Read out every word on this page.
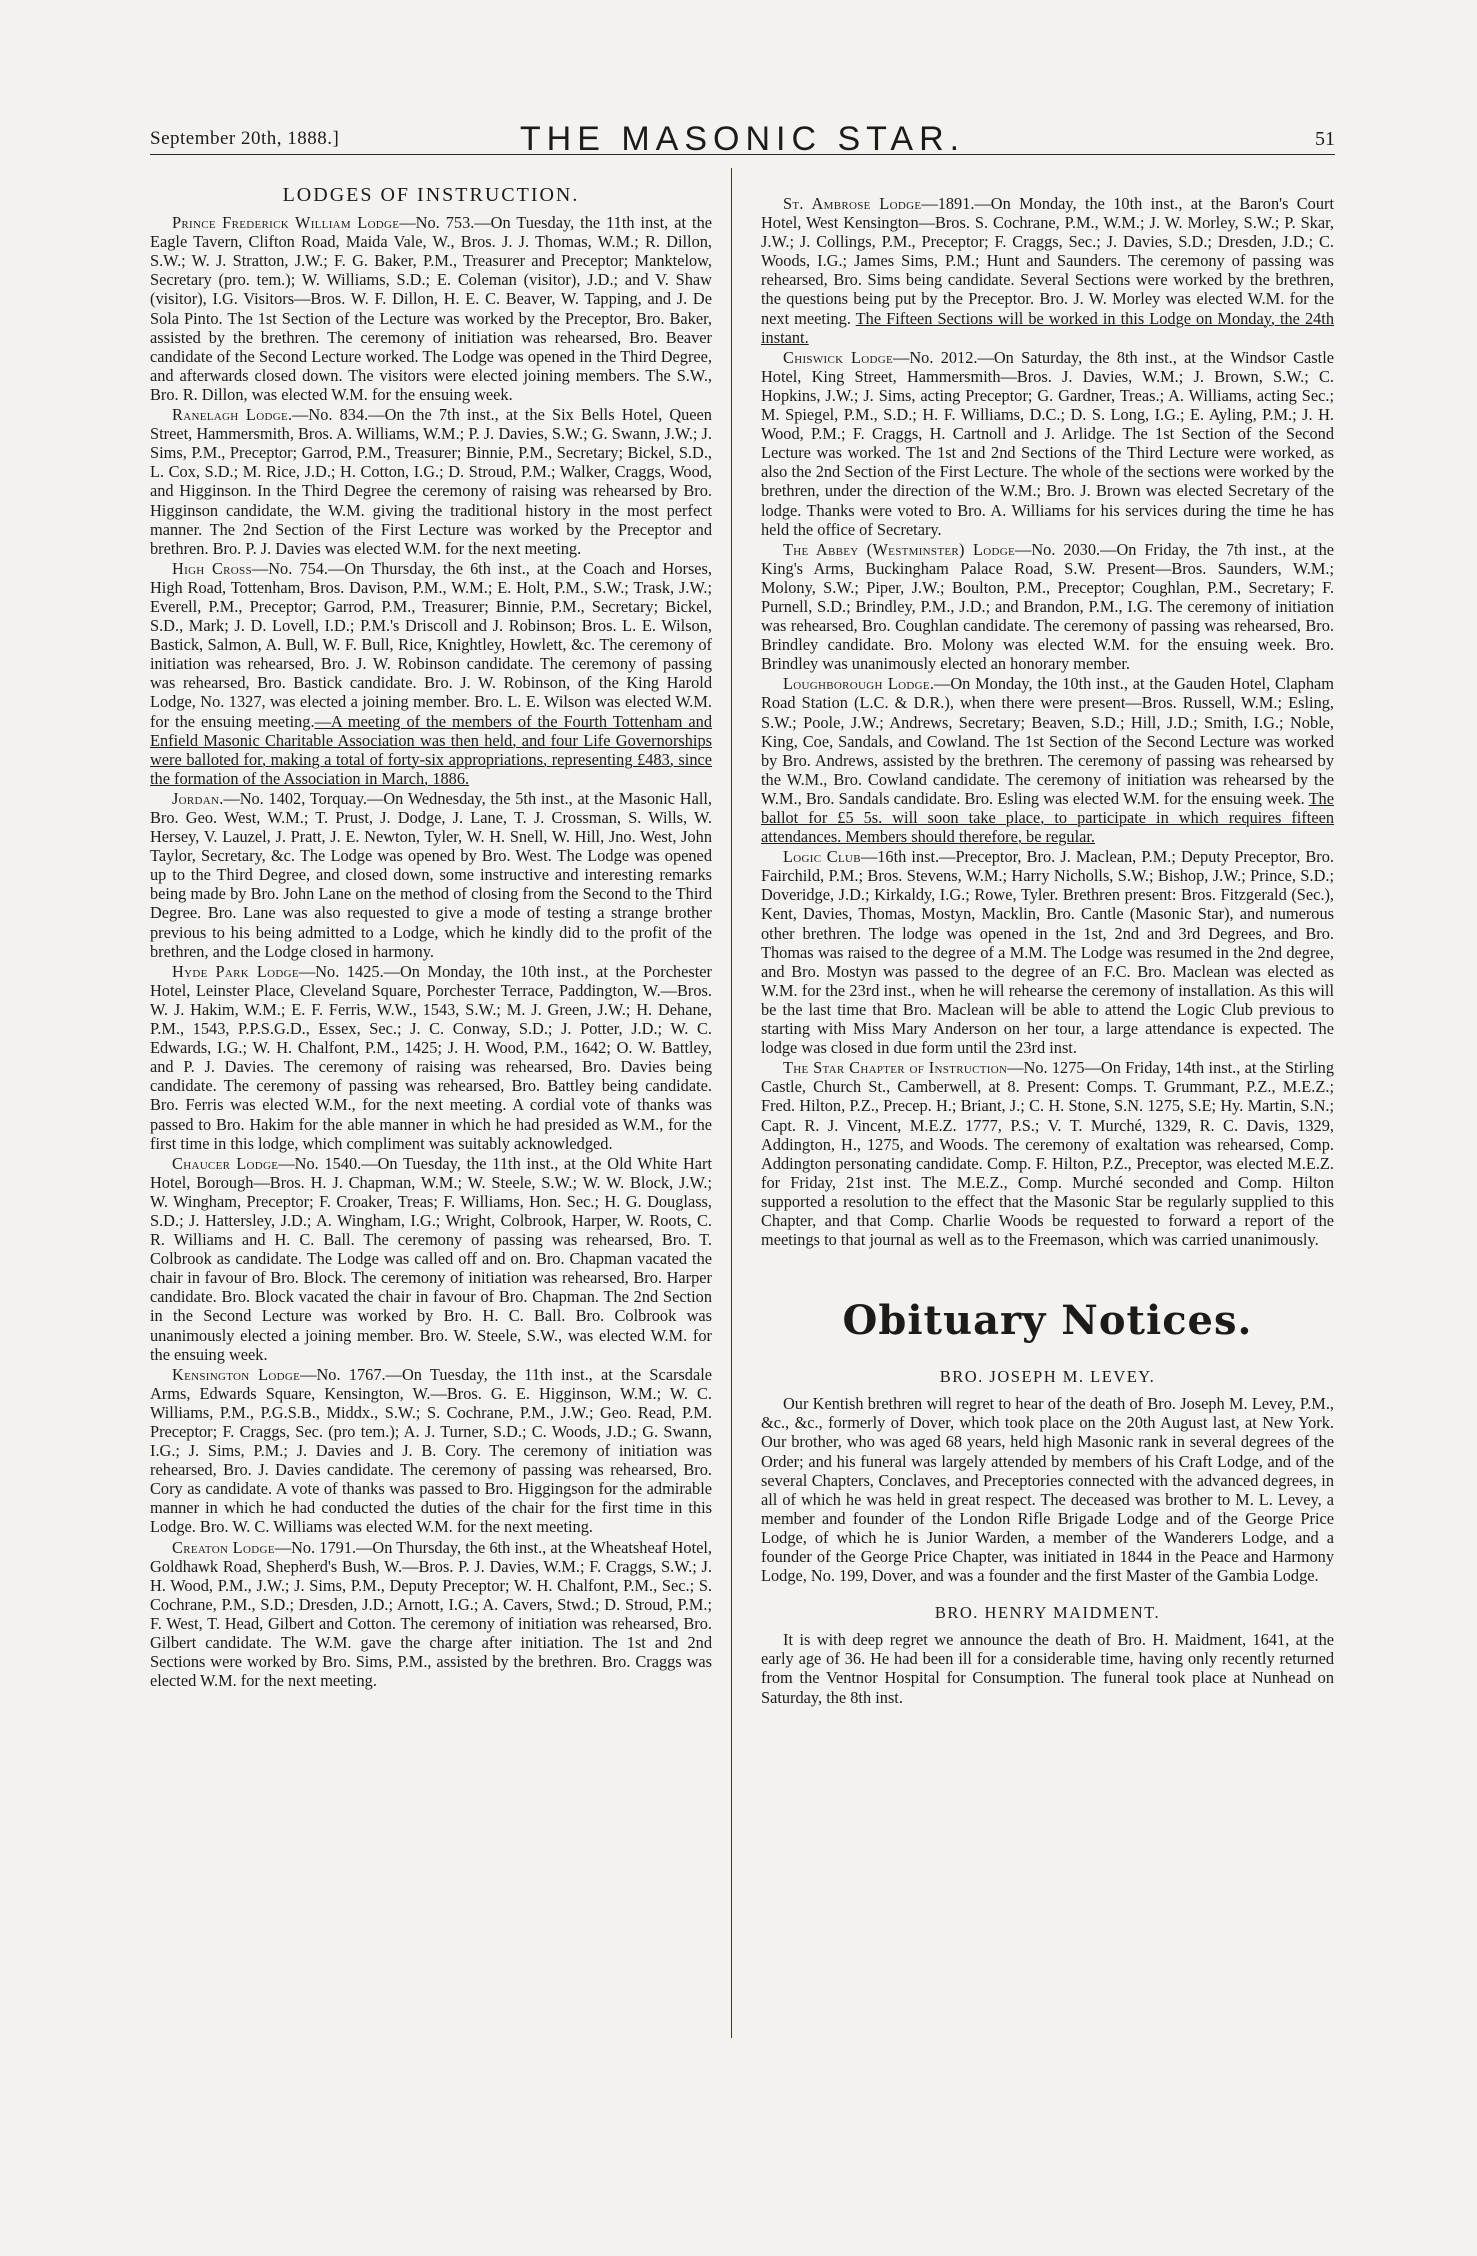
September 20th, 1888.]	THE MASONIC STAR.	51
LODGES OF INSTRUCTION.

Prince Frederick William Lodge—No. 753.—On Tuesday, the 11th inst, at the Eagle Tavern, Clifton Road, Maida Vale, W., Bros. J. J. Thomas, W.M.; R. Dillon, S.W.; W. J. Stratton, J.W.; F. G. Baker, P.M., Treasurer and Preceptor; Manktelow, Secretary (pro. tem.); W. Williams, S.D.; E. Coleman (visitor), J.D.; and V. Shaw (visitor), I.G. Visitors—Bros. W. F. Dillon, H. E. C. Beaver, W. Tapping, and J. De Sola Pinto. The 1st Section of the Lecture was worked by the Preceptor, Bro. Baker, assisted by the brethren. The ceremony of initiation was rehearsed, Bro. Beaver candidate of the Second Lecture worked. The Lodge was opened in the Third Degree, and afterwards closed down. The visitors were elected joining members. The S.W., Bro. R. Dillon, was elected W.M. for the ensuing week.

Ranelagh Lodge.—No. 834.—On the 7th inst., at the Six Bells Hotel, Queen Street, Hammersmith, Bros. A. Williams, W.M.; P. J. Davies, S.W.; G. Swann, J.W.; J. Sims, P.M., Preceptor; Garrod, P.M., Treasurer; Binnie, P.M., Secretary; Bickel, S.D., L. Cox, S.D.; M. Rice, J.D.; H. Cotton, I.G.; D. Stroud, P.M.; Walker, Craggs, Wood, and Higginson. In the Third Degree the ceremony of raising was rehearsed by Bro. Higginson candidate, the W.M. giving the traditional history in the most perfect manner. The 2nd Section of the First Lecture was worked by the Preceptor and brethren. Bro. P. J. Davies was elected W.M. for the next meeting.

High Cross—No. 754.—On Thursday, the 6th inst., at the Coach and Horses, High Road, Tottenham, Bros. Davison, P.M., W.M.; E. Holt, P.M., S.W.; Trask, J.W.; Everell, P.M., Preceptor; Garrod, P.M., Treasurer; Binnie, P.M., Secretary; Bickel, S.D., Mark; J. D. Lovell, I.D.; P.M.'s Driscoll and J. Robinson; Bros. L. E. Wilson, Bastick, Salmon, A. Bull, W. F. Bull, Rice, Knightley, Howlett, &c. The ceremony of initiation was rehearsed, Bro. J. W. Robinson candidate. The ceremony of passing was rehearsed, Bro. Bastick candidate. Bro. J. W. Robinson, of the King Harold Lodge, No. 1327, was elected a joining member. Bro. L. E. Wilson was elected W.M. for the ensuing meeting.—A meeting of the members of the Fourth Tottenham and Enfield Masonic Charitable Association was then held, and four Life Governorships were balloted for, making a total of forty-six appropriations, representing £483, since the formation of the Association in March, 1886.

Jordan.—No. 1402, Torquay.—On Wednesday, the 5th inst., at the Masonic Hall, Bro. Geo. West, W.M.; T. Prust, J. Dodge, J. Lane, T. J. Crossman, S. Wills, W. Hersey, V. Lauzel, J. Pratt, J. E. Newton, Tyler, W. H. Snell, W. Hill, Jno. West, John Taylor, Secretary, &c. The Lodge was opened by Bro. West. The Lodge was opened up to the Third Degree, and closed down, some instructive and interesting remarks being made by Bro. John Lane on the method of closing from the Second to the Third Degree. Bro. Lane was also requested to give a mode of testing a strange brother previous to his being admitted to a Lodge, which he kindly did to the profit of the brethren, and the Lodge closed in harmony.

Hyde Park Lodge—No. 1425.—On Monday, the 10th inst., at the Porchester Hotel, Leinster Place, Cleveland Square, Porchester Terrace, Paddington, W.—Bros. W. J. Hakim, W.M.; E. F. Ferris, W.W., 1543, S.W.; M. J. Green, J.W.; H. Dehane, P.M., 1543, P.P.S.G.D., Essex, Sec.; J. C. Conway, S.D.; J. Potter, J.D.; W. C. Edwards, I.G.; W. H. Chalfont, P.M., 1425; J. H. Wood, P.M., 1642; O. W. Battley, and P. J. Davies. The ceremony of raising was rehearsed, Bro. Davies being candidate. The ceremony of passing was rehearsed, Bro. Battley being candidate. Bro. Ferris was elected W.M., for the next meeting. A cordial vote of thanks was passed to Bro. Hakim for the able manner in which he had presided as W.M., for the first time in this lodge, which compliment was suitably acknowledged.

Chaucer Lodge—No. 1540.—On Tuesday, the 11th inst., at the Old White Hart Hotel, Borough—Bros. H. J. Chapman, W.M.; W. Steele, S.W.; W. W. Block, J.W.; W. Wingham, Preceptor; F. Croaker, Treas; F. Williams, Hon. Sec.; H. G. Douglass, S.D.; J. Hattersley, J.D.; A. Wingham, I.G.; Wright, Colbrook, Harper, W. Roots, C. R. Williams and H. C. Ball. The ceremony of passing was rehearsed, Bro. T. Colbrook as candidate. The Lodge was called off and on. Bro. Chapman vacated the chair in favour of Bro. Block. The ceremony of initiation was rehearsed, Bro. Harper candidate. Bro. Block vacated the chair in favour of Bro. Chapman. The 2nd Section in the Second Lecture was worked by Bro. H. C. Ball. Bro. Colbrook was unanimously elected a joining member. Bro. W. Steele, S.W., was elected W.M. for the ensuing week.

Kensington Lodge—No. 1767.—On Tuesday, the 11th inst., at the Scarsdale Arms, Edwards Square, Kensington, W.—Bros. G. E. Higginson, W.M.; W. C. Williams, P.M., P.G.S.B., Middx., S.W.; S. Cochrane, P.M., J.W.; Geo. Read, P.M. Preceptor; F. Craggs, Sec. (pro tem.); A. J. Turner, S.D.; C. Woods, J.D.; G. Swann, I.G.; J. Sims, P.M.; J. Davies and J. B. Cory. The ceremony of initiation was rehearsed, Bro. J. Davies candidate. The ceremony of passing was rehearsed, Bro. Cory as candidate. A vote of thanks was passed to Bro. Higgingson for the admirable manner in which he had conducted the duties of the chair for the first time in this Lodge. Bro. W. C. Williams was elected W.M. for the next meeting.

Creaton Lodge—No. 1791.—On Thursday, the 6th inst., at the Wheatsheaf Hotel, Goldhawk Road, Shepherd's Bush, W.—Bros. P. J. Davies, W.M.; F. Craggs, S.W.; J. H. Wood, P.M., J.W.; J. Sims, P.M., Deputy Preceptor; W. H. Chalfont, P.M., Sec.; S. Cochrane, P.M., S.D.; Dresden, J.D.; Arnott, I.G.; A. Cavers, Stwd.; D. Stroud, P.M.; F. West, T. Head, Gilbert and Cotton. The ceremony of initiation was rehearsed, Bro. Gilbert candidate. The W.M. gave the charge after initiation. The 1st and 2nd Sections were worked by Bro. Sims, P.M., assisted by the brethren. Bro. Craggs was elected W.M. for the next meeting.

St. Ambrose Lodge—1891.—On Monday, the 10th inst., at the Baron's Court Hotel, West Kensington—Bros. S. Cochrane, P.M., W.M.; J. W. Morley, S.W.; P. Skar, J.W.; J. Collings, P.M., Preceptor; F. Craggs, Sec.; J. Davies, S.D.; Dresden, J.D.; C. Woods, I.G.; James Sims, P.M.; Hunt and Saunders. The ceremony of passing was rehearsed, Bro. Sims being candidate. Several Sections were worked by the brethren, the questions being put by the Preceptor. Bro. J. W. Morley was elected W.M. for the next meeting. The Fifteen Sections will be worked in this Lodge on Monday, the 24th instant.

Chiswick Lodge—No. 2012.—On Saturday, the 8th inst., at the Windsor Castle Hotel, King Street, Hammersmith—Bros. J. Davies, W.M.; J. Brown, S.W.; C. Hopkins, J.W.; J. Sims, acting Preceptor; G. Gardner, Treas.; A. Williams, acting Sec.; M. Spiegel, P.M., S.D.; H. F. Williams, D.C.; D. S. Long, I.G.; E. Ayling, P.M.; J. H. Wood, P.M.; F. Craggs, H. Cartnoll and J. Arlidge. The 1st Section of the Second Lecture was worked. The 1st and 2nd Sections of the Third Lecture were worked, as also the 2nd Section of the First Lecture. The whole of the sections were worked by the brethren, under the direction of the W.M.; Bro. J. Brown was elected Secretary of the lodge. Thanks were voted to Bro. A. Williams for his services during the time he has held the office of Secretary.

The Abbey (Westminster) Lodge—No. 2030.—On Friday, the 7th inst., at the King's Arms, Buckingham Palace Road, S.W. Present—Bros. Saunders, W.M.; Molony, S.W.; Piper, J.W.; Boulton, P.M., Preceptor; Coughlan, P.M., Secretary; F. Purnell, S.D.; Brindley, P.M., J.D.; and Brandon, P.M., I.G. The ceremony of initiation was rehearsed, Bro. Coughlan candidate. The ceremony of passing was rehearsed, Bro. Brindley candidate. Bro. Molony was elected W.M. for the ensuing week. Bro. Brindley was unanimously elected an honorary member.

Loughborough Lodge.—On Monday, the 10th inst., at the Gauden Hotel, Clapham Road Station (L.C. & D.R.), when there were present—Bros. Russell, W.M.; Esling, S.W.; Poole, J.W.; Andrews, Secretary; Beaven, S.D.; Hill, J.D.; Smith, I.G.; Noble, King, Coe, Sandals, and Cowland. The 1st Section of the Second Lecture was worked by Bro. Andrews, assisted by the brethren. The ceremony of passing was rehearsed by the W.M., Bro. Cowland candidate. The ceremony of initiation was rehearsed by the W.M., Bro. Sandals candidate. Bro. Esling was elected W.M. for the ensuing week. The ballot for £5 5s. will soon take place, to participate in which requires fifteen attendances. Members should therefore, be regular.

Logic Club—16th inst.—Preceptor, Bro. J. Maclean, P.M.; Deputy Preceptor, Bro. Fairchild, P.M.; Bros. Stevens, W.M.; Harry Nicholls, S.W.; Bishop, J.W.; Prince, S.D.; Doveridge, J.D.; Kirkaldy, I.G.; Rowe, Tyler. Brethren present: Bros. Fitzgerald (Sec.), Kent, Davies, Thomas, Mostyn, Macklin, Bro. Cantle (Masonic Star), and numerous other brethren. The lodge was opened in the 1st, 2nd and 3rd Degrees, and Bro. Thomas was raised to the degree of a M.M. The Lodge was resumed in the 2nd degree, and Bro. Mostyn was passed to the degree of an F.C. Bro. Maclean was elected as W.M. for the 23rd inst., when he will rehearse the ceremony of installation. As this will be the last time that Bro. Maclean will be able to attend the Logic Club previous to starting with Miss Mary Anderson on her tour, a large attendance is expected. The lodge was closed in due form until the 23rd inst.

The Star Chapter of Instruction—No. 1275—On Friday, 14th inst., at the Stirling Castle, Church St., Camberwell, at 8. Present: Comps. T. Grummant, P.Z., M.E.Z.; Fred. Hilton, P.Z., Precep. H.; Briant, J.; C. H. Stone, S.N. 1275, S.E; Hy. Martin, S.N.; Capt. R. J. Vincent, M.E.Z. 1777, P.S.; V. T. Murché, 1329, R. C. Davis, 1329, Addington, H., 1275, and Woods. The ceremony of exaltation was rehearsed, Comp. Addington personating candidate. Comp. F. Hilton, P.Z., Preceptor, was elected M.E.Z. for Friday, 21st inst. The M.E.Z., Comp. Murché seconded and Comp. Hilton supported a resolution to the effect that the Masonic Star be regularly supplied to this Chapter, and that Comp. Charlie Woods be requested to forward a report of the meetings to that journal as well as to the Freemason, which was carried unanimously.

Obituary Notices.
BRO. JOSEPH M. LEVEY.

Our Kentish brethren will regret to hear of the death of Bro. Joseph M. Levey, P.M., &c., &c., formerly of Dover, which took place on the 20th August last, at New York. Our brother, who was aged 68 years, held high Masonic rank in several degrees of the Order; and his funeral was largely attended by members of his Craft Lodge, and of the several Chapters, Conclaves, and Preceptories connected with the advanced degrees, in all of which he was held in great respect. The deceased was brother to M. L. Levey, a member and founder of the London Rifle Brigade Lodge and of the George Price Lodge, of which he is Junior Warden, a member of the Wanderers Lodge, and a founder of the George Price Chapter, was initiated in 1844 in the Peace and Harmony Lodge, No. 199, Dover, and was a founder and the first Master of the Gambia Lodge.

BRO. HENRY MAIDMENT.

It is with deep regret we announce the death of Bro. H. Maidment, 1641, at the early age of 36. He had been ill for a considerable time, having only recently returned from the Ventnor Hospital for Consumption. The funeral took place at Nunhead on Saturday, the 8th inst.
